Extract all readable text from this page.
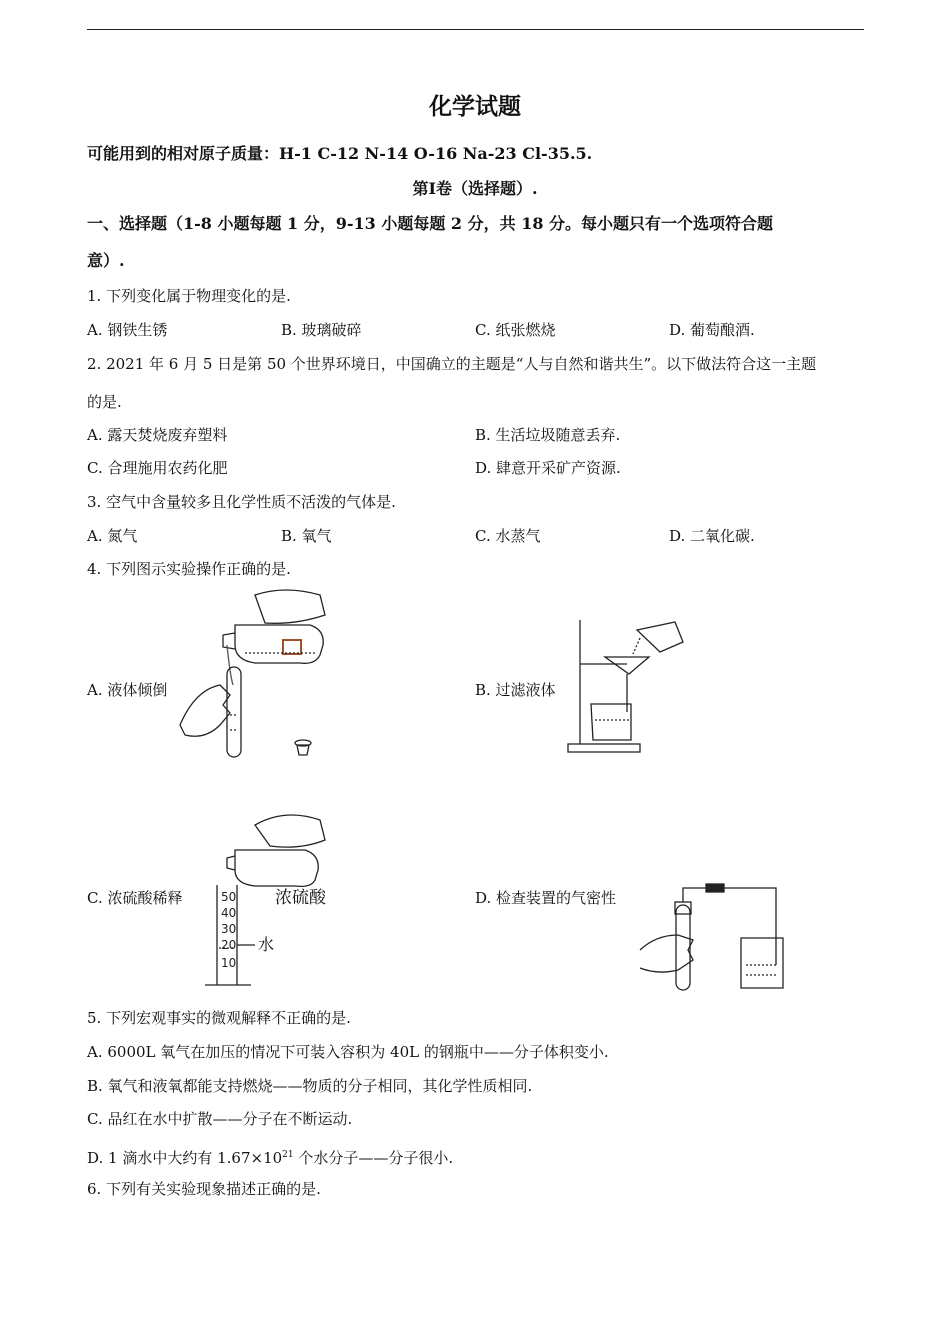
化学试题
可能用到的相对原子质量：H-1 C-12 N-14 O-16 Na-23 Cl-35.5.
第Ⅰ卷（选择题）.
一、选择题（1-8 小题每题 1 分，9-13 小题每题 2 分，共 18 分。每小题只有一个选项符合题
意）.
1. 下列变化属于物理变化的是.
A. 钢铁生锈	B. 玻璃破碎	C. 纸张燃烧	D. 葡萄酿酒.
2. 2021 年 6 月 5 日是第 50 个世界环境日，中国确立的主题是“人与自然和谐共生”。以下做法符合这一主题
的是.
A. 露天焚烧废弃塑料	B. 生活垃圾随意丢弃.
C. 合理施用农药化肥	D. 肆意开采矿产资源.
3. 空气中含量较多且化学性质不活泼的气体是.
A. 氮气	B. 氧气	C. 水蒸气	D. 二氧化碳.
4. 下列图示实验操作正确的是.
A. 液体倾倒	B. 过滤液体
C. 浓硫酸稀释	D. 检查装置的气密性
50
40
30
20
10
浓硫酸
水
5. 下列宏观事实的微观解释不正确的是.
A. 6000L 氧气在加压的情况下可装入容积为 40L 的钢瓶中——分子体积变小.
B. 氧气和液氧都能支持燃烧——物质的分子相同，其化学性质相同.
C. 品红在水中扩散——分子在不断运动.
D. 1 滴水中大约有 $1.67\times 10^{21}$ 个水分子——分子很小.
6. 下列有关实验现象描述正确的是.
